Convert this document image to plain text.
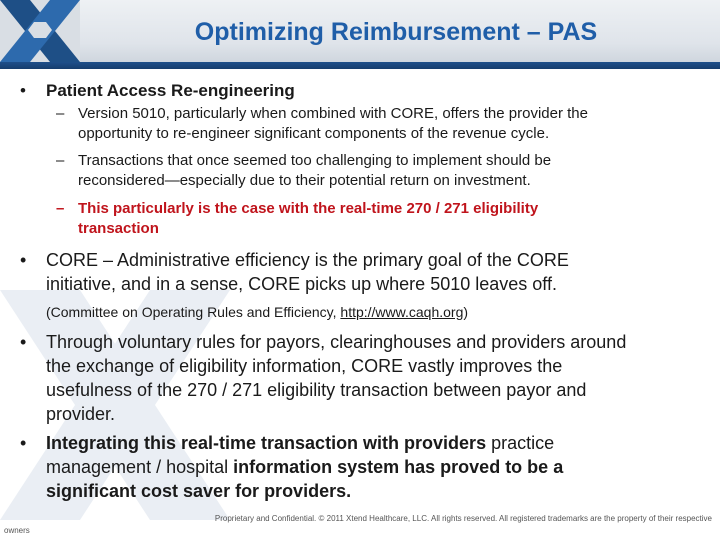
Optimizing Reimbursement – PAS
•	Patient Access Re-engineering
– Version 5010, particularly when combined with CORE, offers the provider the
opportunity to re-engineer significant components of the revenue cycle.
– Transactions that once seemed too challenging to implement should be
reconsidered—especially due to their potential return on investment.
– This particularly is the case with the real-time 270 / 271 eligibility
transaction
•	CORE – Administrative efficiency is the primary goal of the CORE
initiative, and in a sense, CORE picks up where 5010 leaves off.
(Committee on Operating Rules and Efficiency, http://www.caqh.org)
•	Through voluntary rules for payors, clearinghouses and providers around
the exchange of eligibility information, CORE vastly improves the
usefulness of the 270 / 271 eligibility transaction between payor and
provider.
•	Integrating this real-time transaction with providers practice
management / hospital information system has proved to be a
significant cost saver for providers.
Proprietary and Confidential. © 2011 Xtend Healthcare, LLC. All rights reserved. All registered trademarks are the property of their respective
owners
